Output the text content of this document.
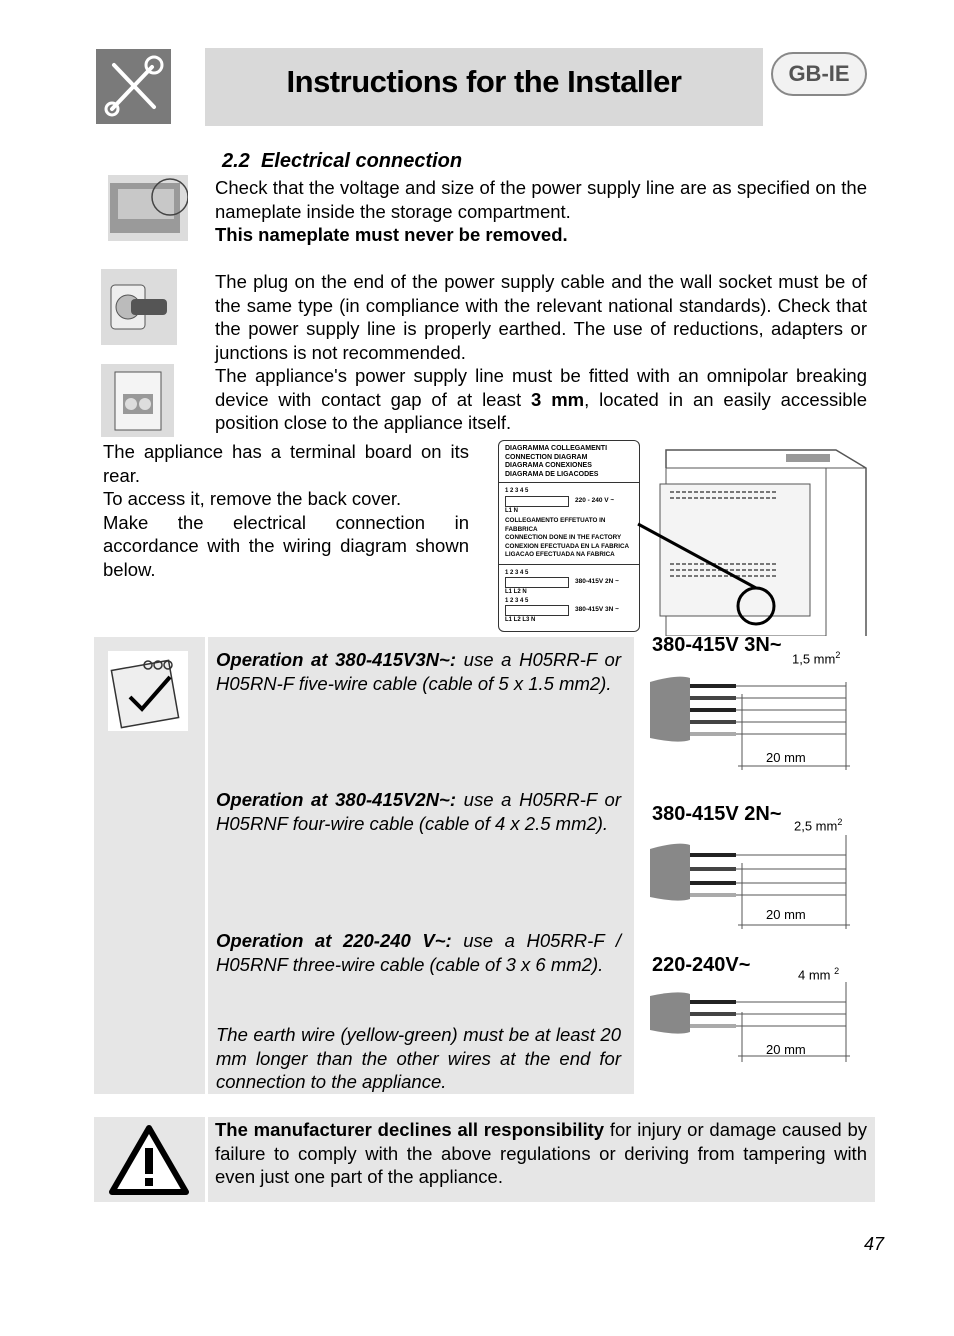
Instructions for the Installer	GB-IE
2.2 Electrical connection
Check that the voltage and size of the power supply line are as specified on the nameplate inside the storage compartment.
This nameplate must never be removed.
The plug on the end of the power supply cable and the wall socket must be of the same type (in compliance with the relevant national standards). Check that the power supply line is properly earthed. The use of reductions, adapters or junctions is not recommended.
The appliance's power supply line must be fitted with an omnipolar breaking device with contact gap of at least 3 mm, located in an easily accessible position close to the appliance itself.
The appliance has a terminal board on its rear.
To access it, remove the back cover.
Make the electrical connection in accordance with the wiring diagram shown below.
DIAGRAMMA COLLEGAMENTI
CONNECTION DIAGRAM
DIAGRAMA CONEXIONES
DIAGRAMA DE LIGACODES
1 2 3 4 5
220 - 240 V ~
L1 N
COLLEGAMENTO EFFETUATO IN FABBRICA
CONNECTION DONE IN THE FACTORY
CONEXION EFECTUADA EN LA FABRICA
LIGACAO EFECTUADA NA FABRICA
1 2 3 4 5
380-415V 2N ~
L1 L2 N
1 2 3 4 5
380-415V 3N ~
L1 L2 L3 N
Operation at 380-415V3N~: use a H05RR-F or H05RN-F five-wire cable (cable of 5 x 1.5 mm2).
Operation at 380-415V2N~: use a H05RR-F or H05RNF four-wire cable (cable of 4 x 2.5 mm2).
Operation at 220-240 V~: use a H05RR-F / H05RNF three-wire cable (cable of 3 x 6 mm2).
The earth wire (yellow-green) must be at least 20 mm longer than the other wires at the end for connection to the appliance.
380-415V 3N~
1,5 $mm^2$
20 mm
380-415V 2N~
2,5 $mm^2$
20 mm
220-240V~	4 mm $^2$
20 mm
The manufacturer declines all responsibility for injury or damage caused by failure to comply with the above regulations or deriving from tampering with even just one part of the appliance.
47
